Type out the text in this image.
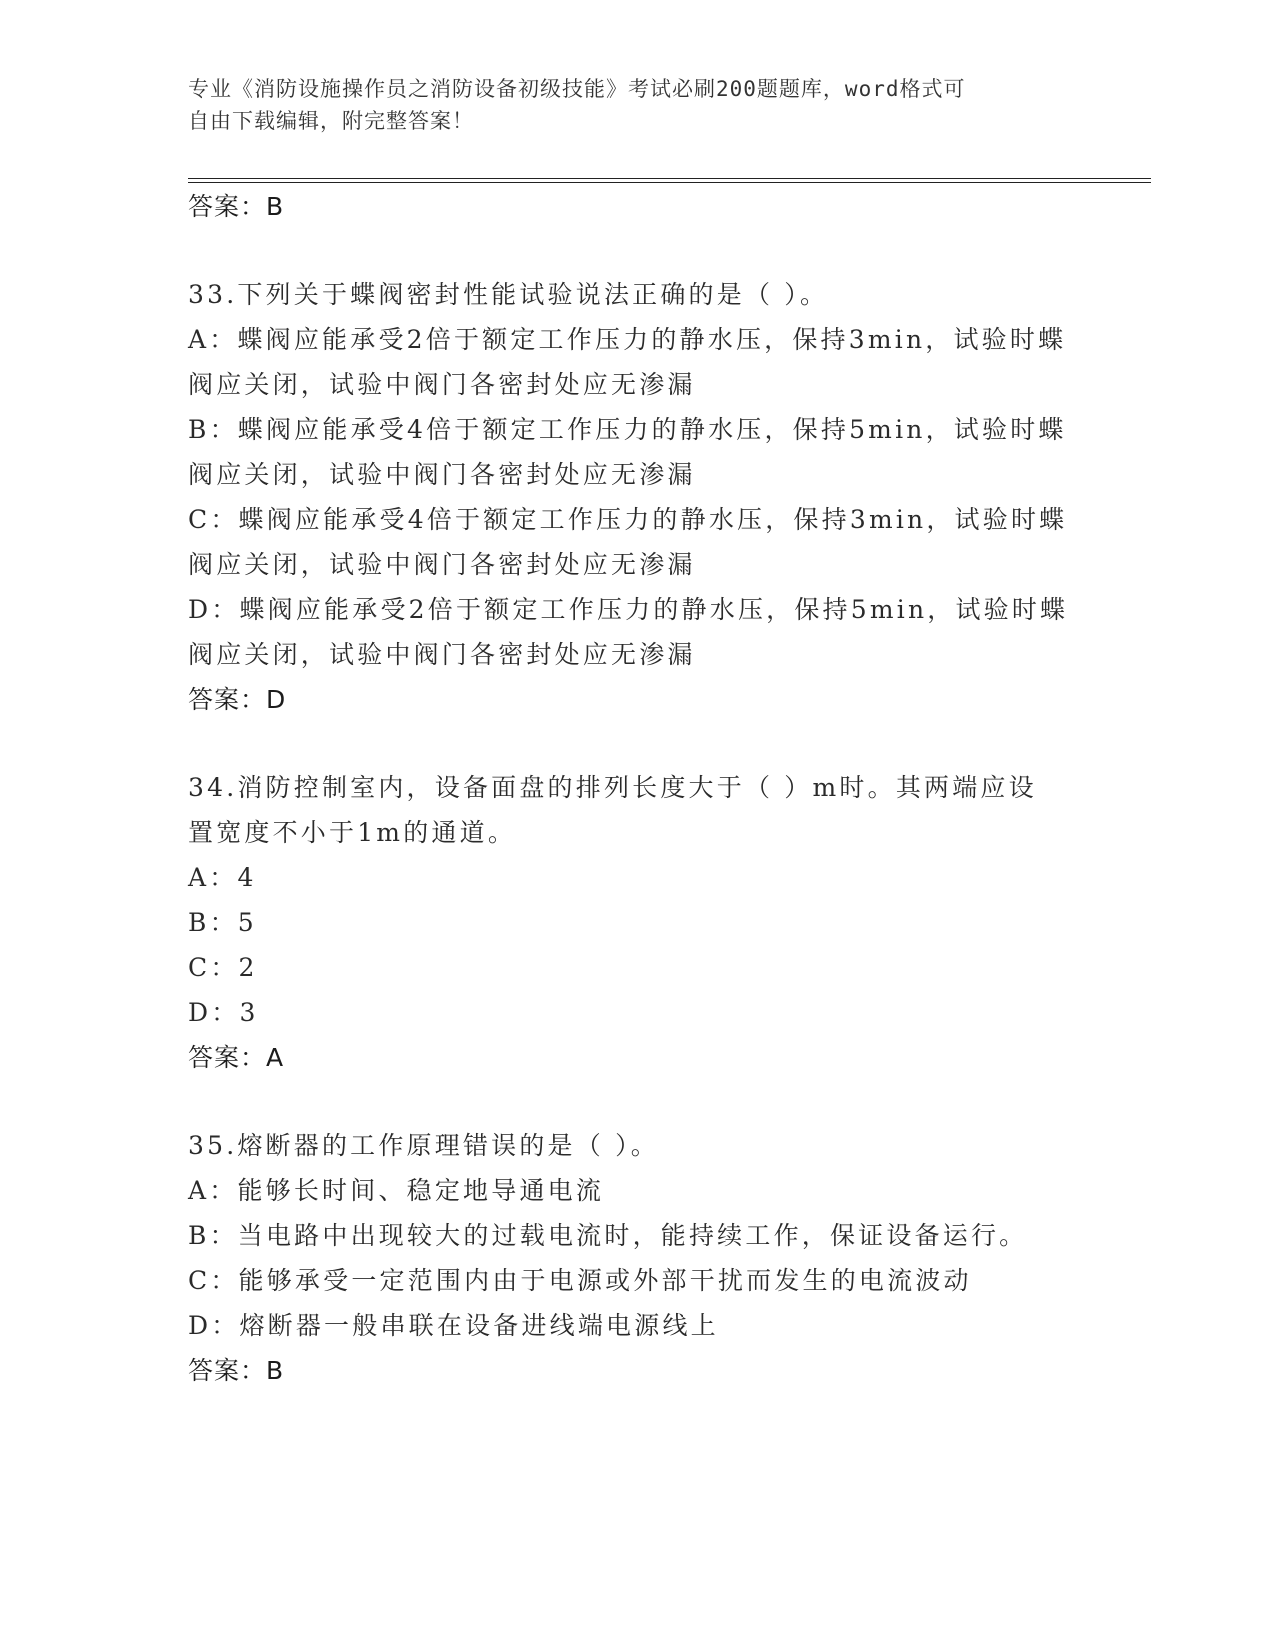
专业《消防设施操作员之消防设备初级技能》考试必刷200题题库，word格式可
自由下载编辑，附完整答案！
答案：B
33.下列关于蝶阀密封性能试验说法正确的是（ ）。
A：蝶阀应能承受2倍于额定工作压力的静水压，保持3min，试验时蝶
阀应关闭，试验中阀门各密封处应无渗漏
B：蝶阀应能承受4倍于额定工作压力的静水压，保持5min，试验时蝶
阀应关闭，试验中阀门各密封处应无渗漏
C：蝶阀应能承受4倍于额定工作压力的静水压，保持3min，试验时蝶
阀应关闭，试验中阀门各密封处应无渗漏
D：蝶阀应能承受2倍于额定工作压力的静水压，保持5min，试验时蝶
阀应关闭，试验中阀门各密封处应无渗漏
答案：D
34.消防控制室内，设备面盘的排列长度大于（ ）m时。其两端应设
置宽度不小于1m的通道。
A：4
B：5
C：2
D：3
答案：A
35.熔断器的工作原理错误的是（ ）。
A：能够长时间、稳定地导通电流
B：当电路中出现较大的过载电流时，能持续工作，保证设备运行。
C：能够承受一定范围内由于电源或外部干扰而发生的电流波动
D：熔断器一般串联在设备进线端电源线上
答案：B
